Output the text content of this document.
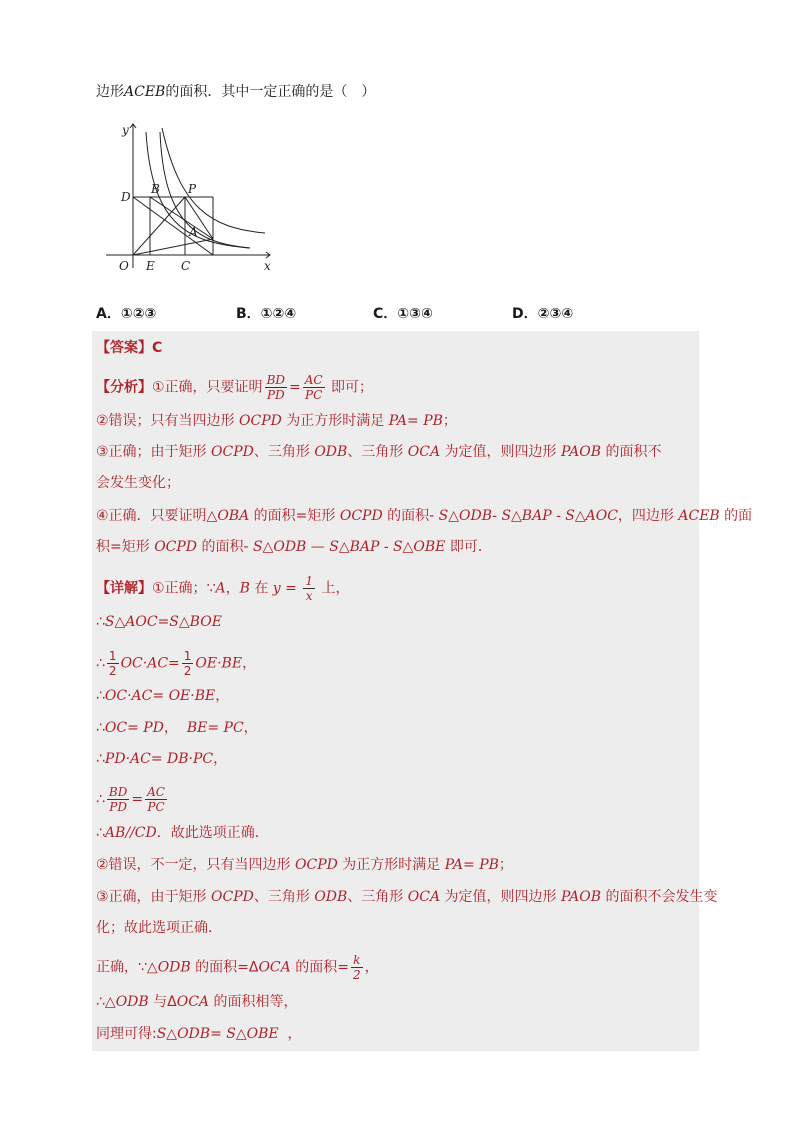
边形ACEB的面积．其中一定正确的是（　）
y
x
O E C
D
B P
A
A．①②③	B．①②④	C．①③④	D．②③④
【答案】C
【分析】①正确，只要证明 $\frac{BD}{PD} = \frac{AC}{PC}$ 即可；
②错误；只有当四边形 OCPD 为正方形时满足 PA= PB；
③正确；由于矩形 OCPD、三角形 ODB、三角形 OCA 为定值，则四边形 PAOB 的面积不
会发生变化；
④正确．只要证明△OBA 的面积=矩形 OCPD 的面积- S△ODB- S△BAP - S△AOC，四边形 ACEB 的面
积=矩形 OCPD 的面积- S△ODB — S△BAP - S△OBE 即可．
【详解】①正确；∵A，B 在 $y = \frac{1}{x}$ 上，
∴S△AOC=S△BOE
∴ $\frac{1}{2} OC\cdot AC= \frac{1}{2} OE\cdot BE$，
∴OC·AC= OE·BE，
∴OC= PD，  BE= PC，
∴PD·AC= DB·PC，
∴ $\frac{BD}{PD} = \frac{AC}{PC}$
∴AB//CD．故此选项正确．
②错误，不一定，只有当四边形 OCPD 为正方形时满足 PA= PB；
③正确，由于矩形 OCPD、三角形 ODB、三角形 OCA 为定值，则四边形 PAOB 的面积不会发生变
化；故此选项正确．
正确，∵△ODB 的面积=ΔOCA 的面积= $\frac{k}{2}$ ，
∴△ODB 与ΔOCA 的面积相等，
同理可得:S△ODB= S△OBE  ，
